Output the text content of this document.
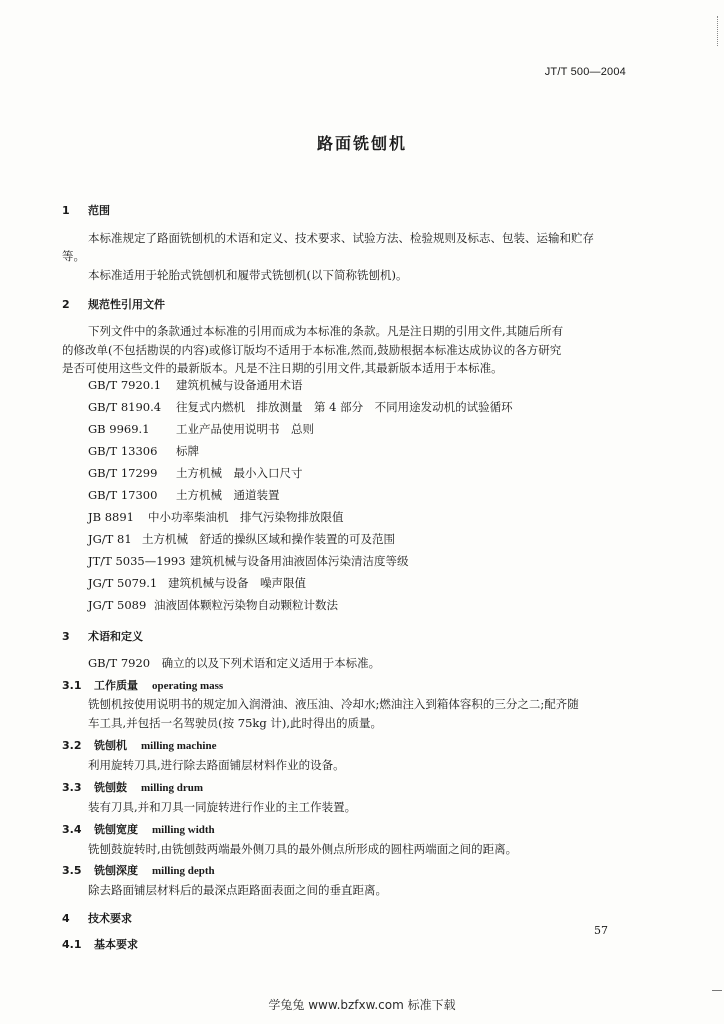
JT/T 500—2004
路面铣刨机
1 范围
本标准规定了路面铣刨机的术语和定义、技术要求、试验方法、检验规则及标志、包装、运输和贮存
等。
本标准适用于轮胎式铣刨机和履带式铣刨机(以下简称铣刨机)。
2 规范性引用文件
下列文件中的条款通过本标准的引用而成为本标准的条款。凡是注日期的引用文件,其随后所有
的修改单(不包括勘误的内容)或修订版均不适用于本标准,然而,鼓励根据本标准达成协议的各方研究
是否可使用这些文件的最新版本。凡是不注日期的引用文件,其最新版本适用于本标准。
GB/T 7920.1 建筑机械与设备通用术语
GB/T 8190.4 往复式内燃机　排放测量　第 4 部分　不同用途发动机的试验循环
GB 9969.1 工业产品使用说明书　总则
GB/T 13306 标牌
GB/T 17299 土方机械　最小入口尺寸
GB/T 17300 土方机械　通道装置
JB 8891 中小功率柴油机　排气污染物排放限值
JG/T 81 土方机械　舒适的操纵区域和操作装置的可及范围
JT/T 5035—1993 建筑机械与设备用油液固体污染清洁度等级
JG/T 5079.1 建筑机械与设备　噪声限值
JG/T 5089 油液固体颗粒污染物自动颗粒计数法
3 术语和定义
GB/T 7920　确立的以及下列术语和定义适用于本标准。
3.1 工作质量 operating mass
铣刨机按使用说明书的规定加入润滑油、液压油、冷却水;燃油注入到箱体容积的三分之二;配齐随
车工具,并包括一名驾驶员(按 75kg 计),此时得出的质量。
3.2 铣刨机 milling machine
利用旋转刀具,进行除去路面铺层材料作业的设备。
3.3 铣刨鼓 milling drum
装有刀具,并和刀具一同旋转进行作业的主工作装置。
3.4 铣刨宽度 milling width
铣刨鼓旋转时,由铣刨鼓两端最外侧刀具的最外侧点所形成的圆柱两端面之间的距离。
3.5 铣刨深度 milling depth
除去路面铺层材料后的最深点距路面表面之间的垂直距离。
4 技术要求
4.1 基本要求
57
学兔兔 www.bzfxw.com 标准下载
